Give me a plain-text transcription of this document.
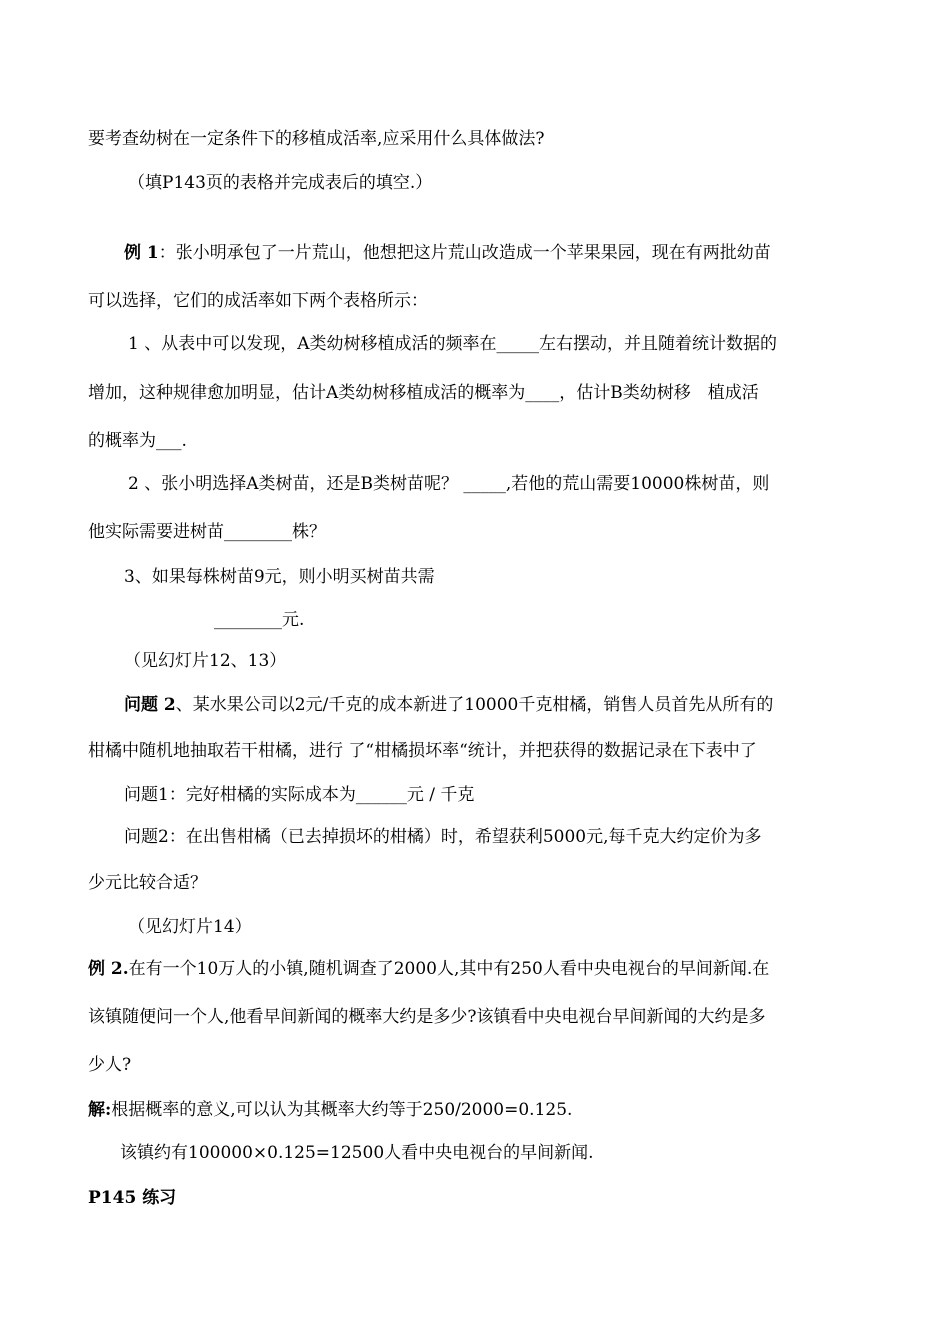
要考查幼树在一定条件下的移植成活率,应采用什么具体做法?
（填P143页的表格并完成表后的填空.）
例 1：张小明承包了一片荒山，他想把这片荒山改造成一个苹果果园，现在有两批幼苗
可以选择，它们的成活率如下两个表格所示：
1 、从表中可以发现，A类幼树移植成活的频率在_____左右摆动，并且随着统计数据的
增加，这种规律愈加明显，估计A类幼树移植成活的概率为____，估计B类幼树移　植成活
的概率为___.
2 、张小明选择A类树苗，还是B类树苗呢？ _____,若他的荒山需要10000株树苗，则
他实际需要进树苗________株？
3、如果每株树苗9元，则小明买树苗共需
________元.
（见幻灯片12、13）
问题 2、某水果公司以2元/千克的成本新进了10000千克柑橘，销售人员首先从所有的
柑橘中随机地抽取若干柑橘，进行 了“柑橘损坏率“统计，并把获得的数据记录在下表中了
问题1：完好柑橘的实际成本为______元 / 千克
问题2：在出售柑橘（已去掉损坏的柑橘）时，希望获利5000元,每千克大约定价为多
少元比较合适？
（见幻灯片14）
例 2.在有一个10万人的小镇,随机调查了2000人,其中有250人看中央电视台的早间新闻.在
该镇随便问一个人,他看早间新闻的概率大约是多少?该镇看中央电视台早间新闻的大约是多
少人?
解:根据概率的意义,可以认为其概率大约等于250/2000=0.125.
该镇约有100000×0.125=12500人看中央电视台的早间新闻.
P145 练习
